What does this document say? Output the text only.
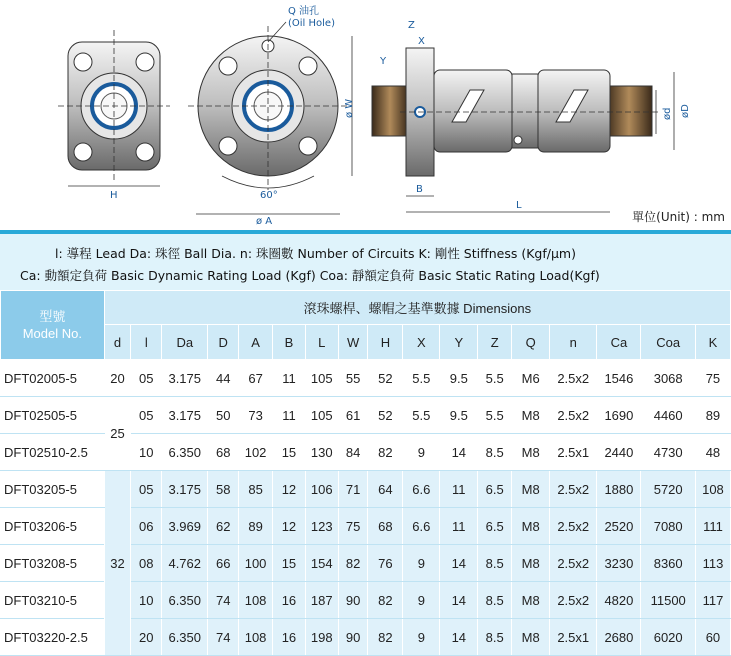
H	60°
ø A
ø W
Q 油孔
(Oil Hole)
B
L
Z
Y
X
ød øD
單位(Unit) : mm
l: 導程 Lead Da: 珠徑 Ball Dia. n: 珠圈數 Number of Circuits K: 剛性 Stiffness (Kgf/μm)
Ca: 動額定負荷 Basic Dynamic Rating Load (Kgf) Coa: 靜額定負荷 Basic Static Rating Load(Kgf)
型號
Model No.	滾珠螺桿、螺帽之基準數據 Dimensions																
	d	l	Da	D	A	B	L	W	H	X	Y	Z	Q	n	Ca	Coa	K
DFT02005-5	20	05	3.175	44	67	11	105	55	52	5.5	9.5	5.5	M6	2.5x2	1546	3068	75
DFT02505-5	25	05	3.175	50	73	11	105	61	52	5.5	9.5	5.5	M8	2.5x2	1690	4460	89
DFT02510-2.5		10	6.350	68	102	15	130	84	82	9	14	8.5	M8	2.5x1	2440	4730	48
DFT03205-5	32	05	3.175	58	85	12	106	71	64	6.6	11	6.5	M8	2.5x2	1880	5720	108
DFT03206-5		06	3.969	62	89	12	123	75	68	6.6	11	6.5	M8	2.5x2	2520	7080	111
DFT03208-5		08	4.762	66	100	15	154	82	76	9	14	8.5	M8	2.5x2	3230	8360	113
DFT03210-5		10	6.350	74	108	16	187	90	82	9	14	8.5	M8	2.5x2	4820	11500	117
DFT03220-2.5		20	6.350	74	108	16	198	90	82	9	14	8.5	M8	2.5x1	2680	6020	60
